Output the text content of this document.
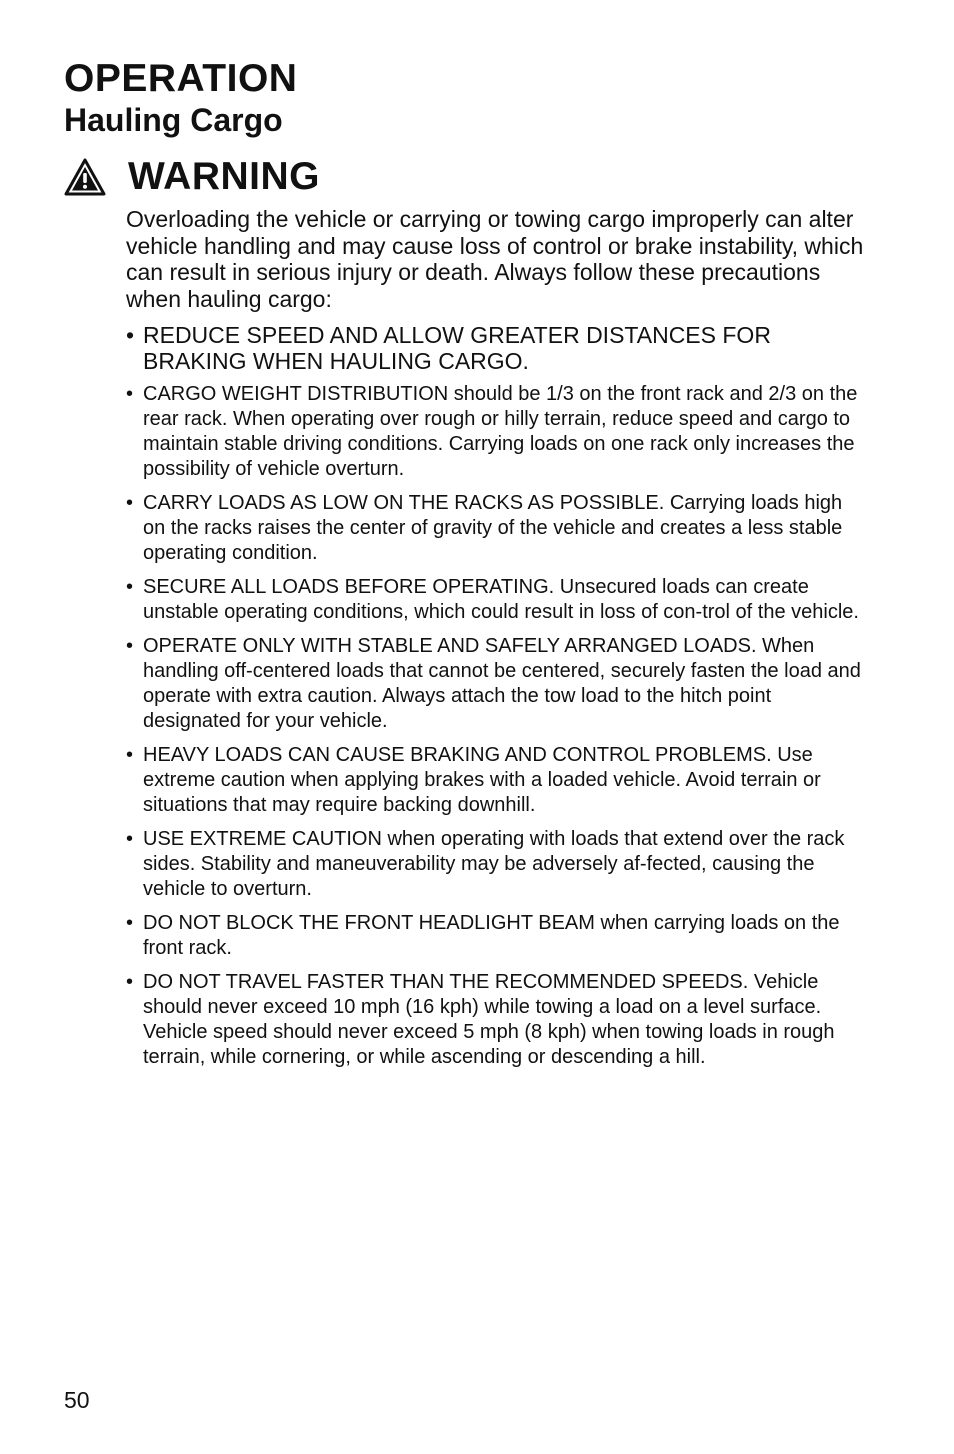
OPERATION
Hauling Cargo
WARNING

Overloading the vehicle or carrying or towing cargo improperly can alter vehicle handling and may cause loss of control or brake instability, which can result in serious injury or death. Always follow these precautions when hauling cargo:

• REDUCE SPEED AND ALLOW GREATER DISTANCES FOR BRAKING WHEN HAULING CARGO.
• CARGO WEIGHT DISTRIBUTION should be 1/3 on the front rack and 2/3 on the rear rack. When operating over rough or hilly terrain, reduce speed and cargo to maintain stable driving conditions. Carrying loads on one rack only increases the possibility of vehicle overturn.
• CARRY LOADS AS LOW ON THE RACKS AS POSSIBLE. Carrying loads high on the racks raises the center of gravity of the vehicle and creates a less stable operating condition.
• SECURE ALL LOADS BEFORE OPERATING. Unsecured loads can create unstable operating conditions, which could result in loss of con-trol of the vehicle.
• OPERATE ONLY WITH STABLE AND SAFELY ARRANGED LOADS. When handling off-centered loads that cannot be centered, securely fasten the load and operate with extra caution. Always attach the tow load to the hitch point designated for your vehicle.
• HEAVY LOADS CAN CAUSE BRAKING AND CONTROL PROBLEMS. Use extreme caution when applying brakes with a loaded vehicle. Avoid terrain or situations that may require backing downhill.
• USE EXTREME CAUTION when operating with loads that extend over the rack sides. Stability and maneuverability may be adversely af-fected, causing the vehicle to overturn.
• DO NOT BLOCK THE FRONT HEADLIGHT BEAM when carrying loads on the front rack.
• DO NOT TRAVEL FASTER THAN THE RECOMMENDED SPEEDS. Vehicle should never exceed 10 mph (16 kph) while towing a load on a level surface. Vehicle speed should never exceed 5 mph (8 kph) when towing loads in rough terrain, while cornering, or while ascending or descending a hill.

50
